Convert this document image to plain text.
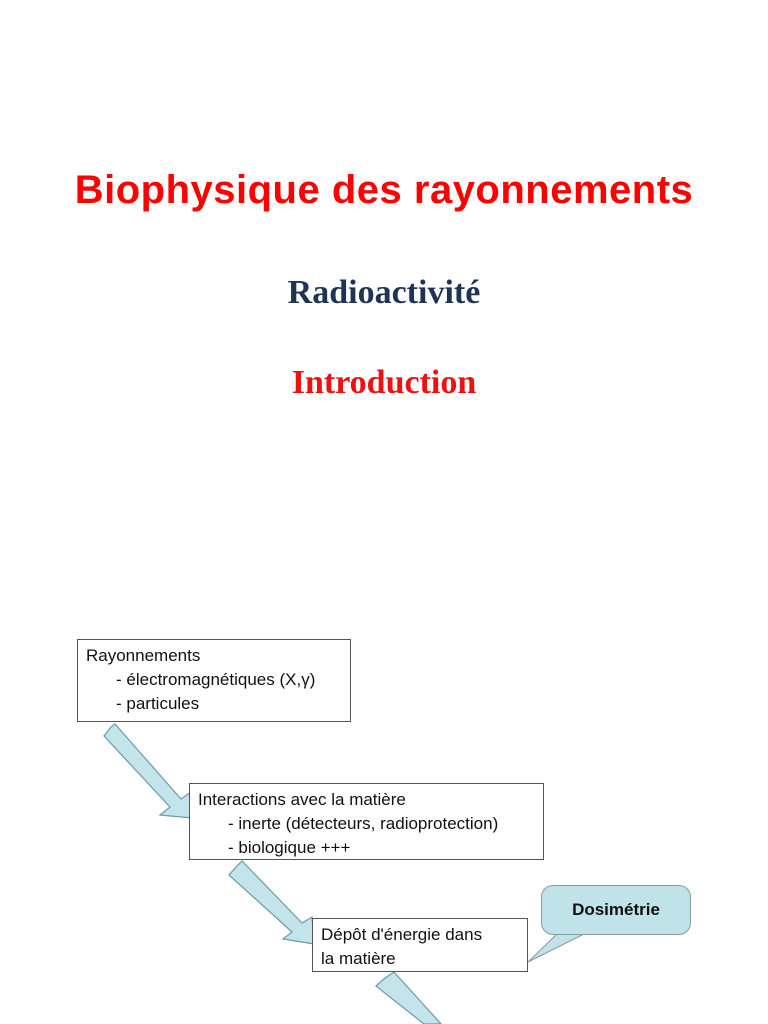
Biophysique des rayonnements
Radioactivité
Introduction
Rayonnements
- électromagnétiques (X,γ)
- particules
Interactions avec la matière
- inerte (détecteurs, radioprotection)
- biologique +++
Dépôt d'énergie dans
la matière
Dosimétrie
